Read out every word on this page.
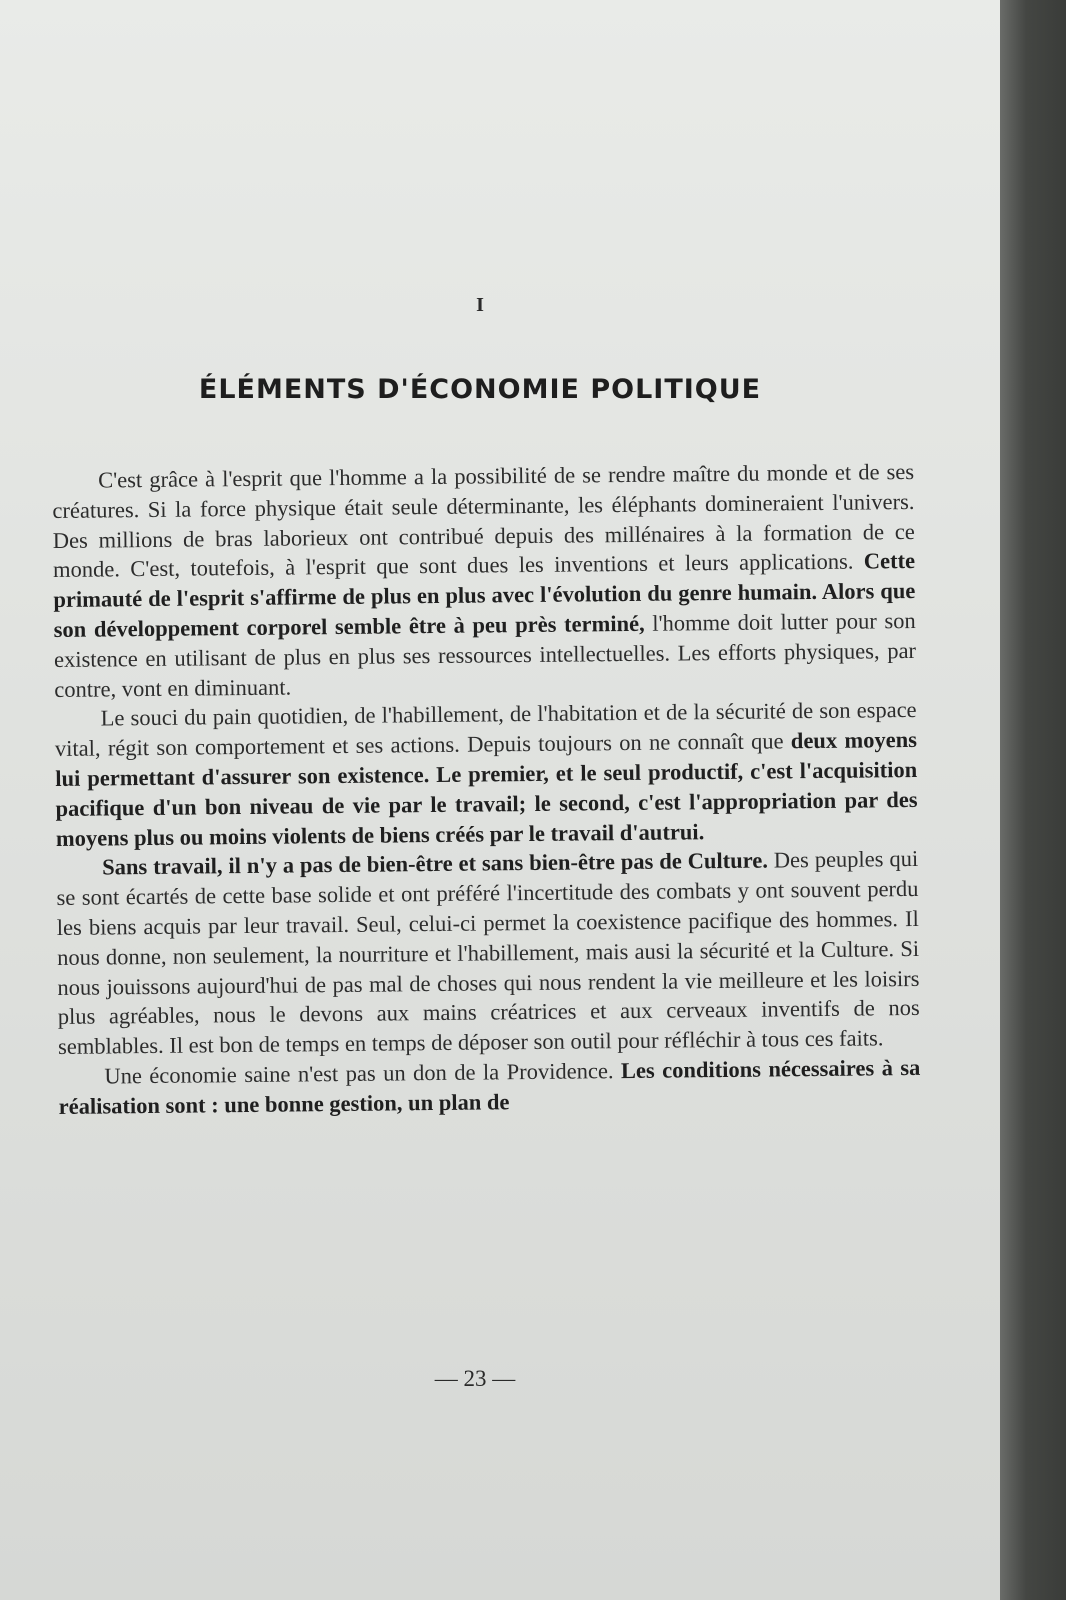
I
ÉLÉMENTS D'ÉCONOMIE POLITIQUE

C'est grâce à l'esprit que l'homme a la possibilité de se rendre maître du monde et de ses créatures. Si la force physique était seule déterminante, les éléphants domineraient l'univers. Des millions de bras laborieux ont contribué depuis des millénaires à la formation de ce monde. C'est, toutefois, à l'esprit que sont dues les inventions et leurs applications. Cette primauté de l'esprit s'affirme de plus en plus avec l'évolution du genre humain. Alors que son développement corporel semble être à peu près terminé, l'homme doit lutter pour son existence en utilisant de plus en plus ses ressources intellectuelles. Les efforts physiques, par contre, vont en diminuant.

Le souci du pain quotidien, de l'habillement, de l'habitation et de la sécurité de son espace vital, régit son comportement et ses actions. Depuis toujours on ne connaît que deux moyens lui permettant d'assurer son existence. Le premier, et le seul productif, c'est l'acquisition pacifique d'un bon niveau de vie par le travail; le second, c'est l'appropriation par des moyens plus ou moins violents de biens créés par le travail d'autrui.

Sans travail, il n'y a pas de bien-être et sans bien-être pas de Culture. Des peuples qui se sont écartés de cette base solide et ont préféré l'incertitude des combats y ont souvent perdu les biens acquis par leur travail. Seul, celui-ci permet la coexistence pacifique des hommes. Il nous donne, non seulement, la nourriture et l'habillement, mais ausi la sécurité et la Culture. Si nous jouissons aujourd'hui de pas mal de choses qui nous rendent la vie meilleure et les loisirs plus agréables, nous le devons aux mains créatrices et aux cerveaux inventifs de nos semblables. Il est bon de temps en temps de déposer son outil pour réfléchir à tous ces faits.

Une économie saine n'est pas un don de la Providence. Les conditions nécessaires à sa réalisation sont : une bonne gestion, un plan de

— 23 —
